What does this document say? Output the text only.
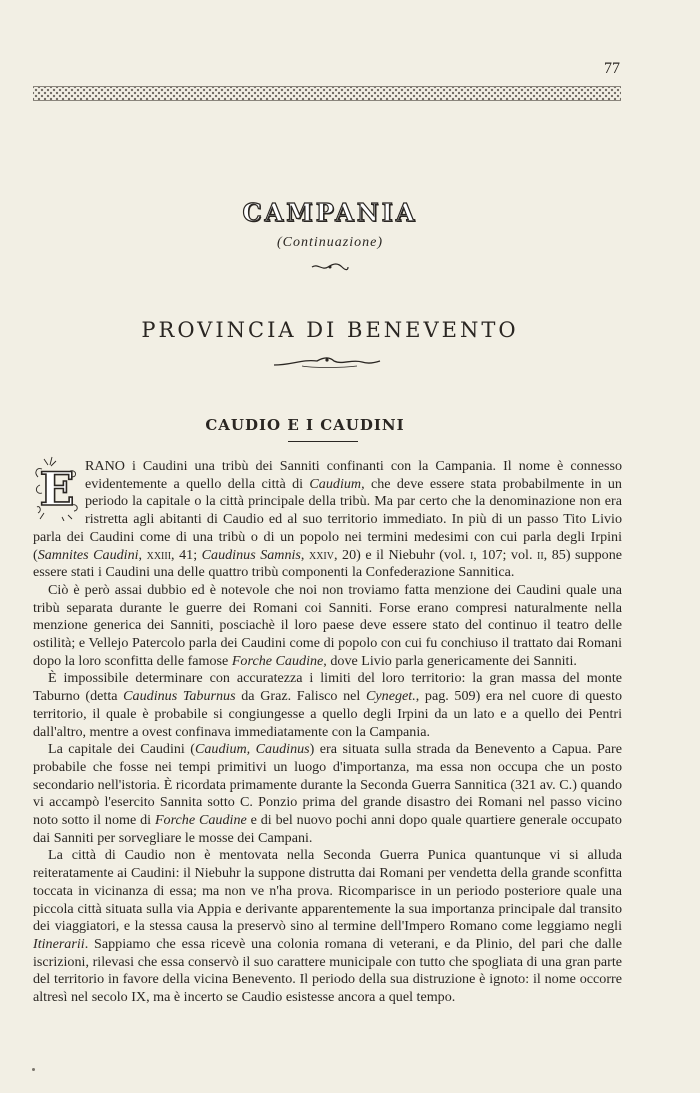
77
CAMPANIA
(Continuazione)
PROVINCIA DI BENEVENTO
CAUDIO E I CAUDINI
E RANO i Caudini una tribù dei Sanniti confinanti con la Campania. Il nome è connesso evidentemente a quello della città di Caudium, che deve essere stata probabilmente in un periodo la capitale o la città principale della tribù. Ma par certo che la denominazione non era ristretta agli abitanti di Caudio ed al suo territorio immediato. In più di un passo Tito Livio parla dei Caudini come di una tribù o di un popolo nei termini medesimi con cui parla degli Irpini (Samnites Caudini, xxiii, 41; Caudinus Samnis, xxiv, 20) e il Niebuhr (vol. i, 107; vol. ii, 85) suppone essere stati i Caudini una delle quattro tribù componenti la Confederazione Sannitica.

Ciò è però assai dubbio ed è notevole che noi non troviamo fatta menzione dei Caudini quale una tribù separata durante le guerre dei Romani coi Sanniti. Forse erano compresi naturalmente nella menzione generica dei Sanniti, posciachè il loro paese deve essere stato del continuo il teatro delle ostilità; e Vellejo Patercolo parla dei Caudini come di popolo con cui fu conchiuso il trattato dai Romani dopo la loro sconfitta delle famose Forche Caudine, dove Livio parla genericamente dei Sanniti.

È impossibile determinare con accuratezza i limiti del loro territorio: la gran massa del monte Taburno (detta Caudinus Taburnus da Graz. Falisco nel Cyneget., pag. 509) era nel cuore di questo territorio, il quale è probabile si congiungesse a quello degli Irpini da un lato e a quello dei Pentri dall'altro, mentre a ovest confinava immediatamente con la Campania.

La capitale dei Caudini (Caudium, Caudinus) era situata sulla strada da Benevento a Capua. Pare probabile che fosse nei tempi primitivi un luogo d'importanza, ma essa non occupa che un posto secondario nell'istoria. È ricordata primamente durante la Seconda Guerra Sannitica (321 av. C.) quando vi accampò l'esercito Sannita sotto C. Ponzio prima del grande disastro dei Romani nel passo vicino noto sotto il nome di Forche Caudine e di bel nuovo pochi anni dopo quale quartiere generale occupato dai Sanniti per sorvegliare le mosse dei Campani.

La città di Caudio non è mentovata nella Seconda Guerra Punica quantunque vi si alluda reiteratamente ai Caudini: il Niebuhr la suppone distrutta dai Romani per vendetta della grande sconfitta toccata in vicinanza di essa; ma non ve n'ha prova. Ricomparisce in un periodo posteriore quale una piccola città situata sulla via Appia e derivante apparentemente la sua importanza principale dal transito dei viaggiatori, e la stessa causa la preservò sino al termine dell'Impero Romano come leggiamo negli Itinerarii. Sappiamo che essa ricevè una colonia romana di veterani, e da Plinio, del pari che dalle iscrizioni, rilevasi che essa conservò il suo carattere municipale con tutto che spogliata di una gran parte del territorio in favore della vicina Benevento. Il periodo della sua distruzione è ignoto: il nome occorre altresì nel secolo IX, ma è incerto se Caudio esistesse ancora a quel tempo.
